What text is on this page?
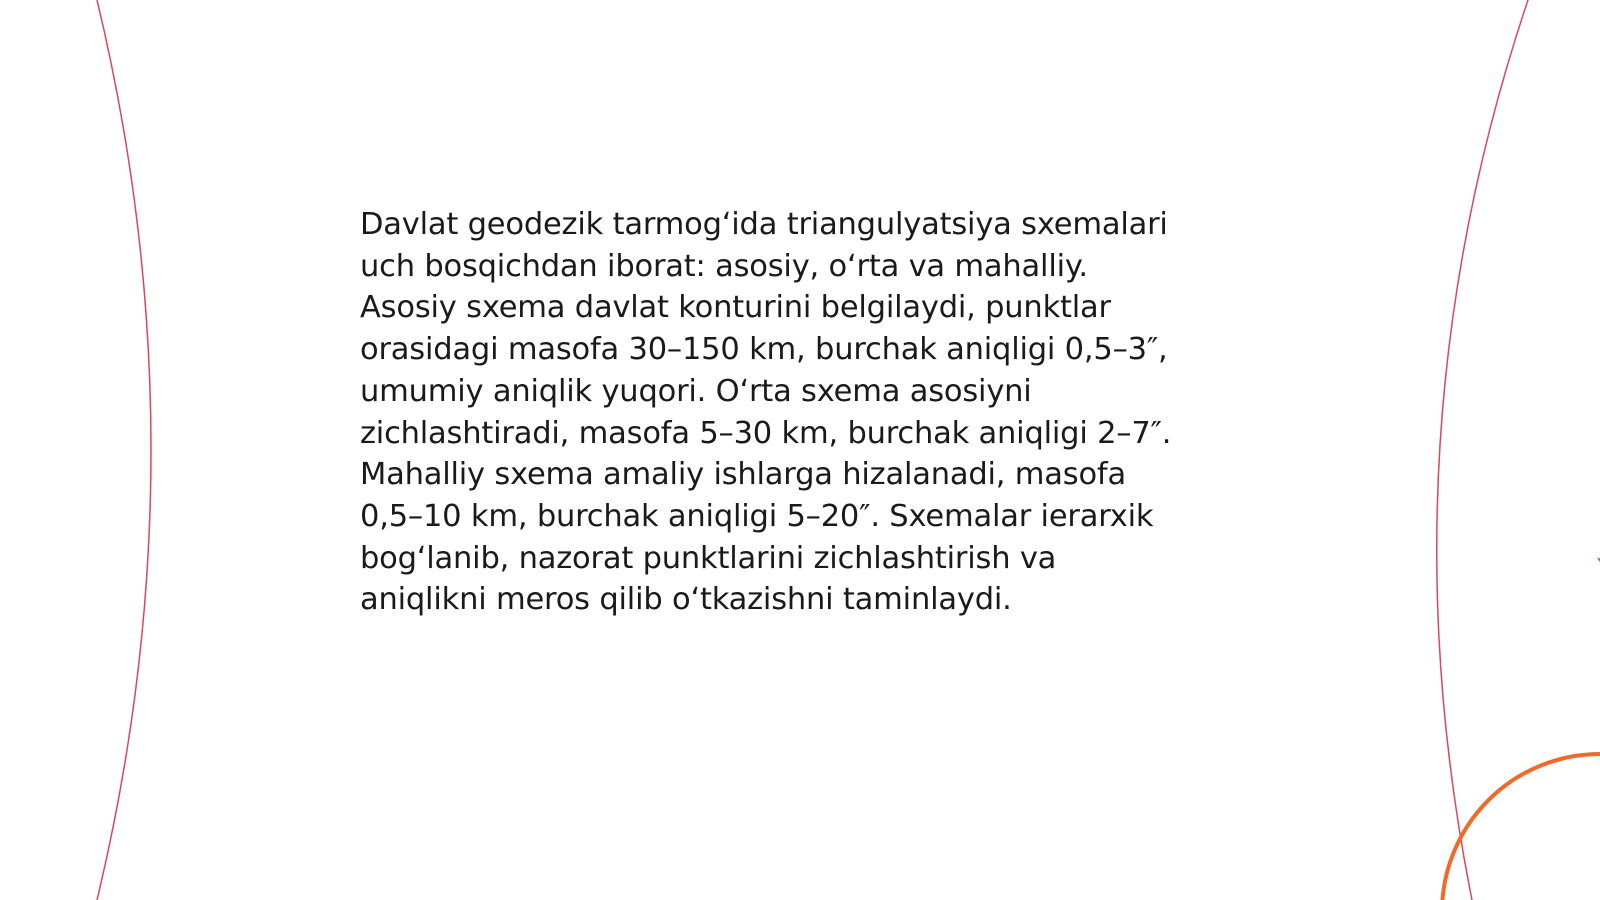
Davlat geodezik tarmog‘ida triangulyatsiya sxemalari
uch bosqichdan iborat: asosiy, o‘rta va mahalliy.
Asosiy sxema davlat konturini belgilaydi, punktlar
orasidagi masofa 30–150 km, burchak aniqligi 0,5–3″,
umumiy aniqlik yuqori. O‘rta sxema asosiyni
zichlashtiradi, masofa 5–30 km, burchak aniqligi 2–7″.
Mahalliy sxema amaliy ishlarga hizalanadi, masofa
0,5–10 km, burchak aniqligi 5–20″. Sxemalar ierarxik
bog‘lanib, nazorat punktlarini zichlashtirish va
aniqlikni meros qilib o‘tkazishni taminlaydi.
